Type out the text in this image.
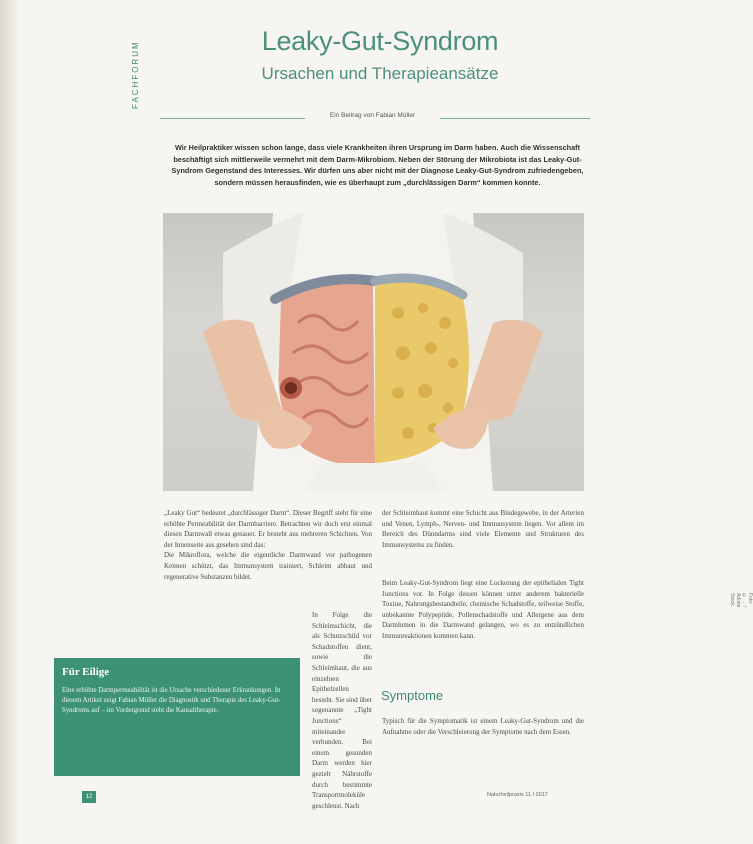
FACHFORUM	Leaky-Gut-Syndrom
Ursachen und Therapieansätze
Ein Beitrag von Fabian Müller
Wir Heilpraktiker wissen schon lange, dass viele Krankheiten ihren Ursprung im Darm haben. Auch die Wissenschaft beschäftigt sich mittlerweile vermehrt mit dem Darm-Mikrobiom. Neben der Störung der Mikrobiota ist das Leaky-Gut-Syndrom Gegenstand des Interesses. Wir dürfen uns aber nicht mit der Diagnose Leaky-Gut-Syndrom zufriedengeben, sondern müssen herausfinden, wie es überhaupt zum „durchlässigen Darm“ kommen konnte.
Foto: © ... / Adobe Stock

„Leaky Gut“ bedeutet „durchlässiger Darm“. Dieser Begriff steht für eine erhöhte Permeabilität der Darmbarriere. Betrachten wir doch erst einmal diesen Darmwall etwas genauer. Er besteht aus mehreren Schichten. Von der Innenseite aus gesehen sind das:

Die Mikroflora, welche die eigentliche Darmwand vor pathogenen Keimen schützt, das Immunsystem trainiert, Schleim abbaut und regenerative Substanzen bildet.

In Folge die Schleimschicht, die als Schutzschild vor Schadstoffen dient, sowie die Schleimhaut, die aus einzelnen Epithelzellen besteht. Sie sind über sogenannte „Tight Junctions“ miteinander verbunden. Bei einem gesunden Darm werden hier gezielt Nährstoffe durch bestimmte Transportmoleküle geschleust. Nach

der Schleimhaut kommt eine Schicht aus Bindegewebe, in der Arterien und Venen, Lymph-, Nerven- und Immunsystem liegen. Vor allem im Bereich des Dünndarms sind viele Elemente und Strukturen des Immunsystems zu finden.

Beim Leaky-Gut-Syndrom liegt eine Lockerung der epithelialen Tight Junctions vor. In Folge dessen können unter anderem bakterielle Toxine, Nahrungsbestandteile, chemische Schadstoffe, teilweise Stoffe, unbekannte Polypeptide, Pollenschadstoffe und Allergene aus dem Darmlumen in die Darmwand gelangen, wo es zu entzündlichen Immunreaktionen kommen kann.

Symptome

Typisch für die Symptomatik ist einem Leaky-Gut-Syndrom und die Aufnahme oder die Verschleierung der Symptome nach dem Essen.

Für Eilige
Eine erhöhte Darmpermeabilität ist die Ursache verschiedener Erkrankungen. In diesem Artikel zeigt Fabian Müller die Diagnostik und Therapie des Leaky-Gut-Syndroms auf – im Vordergrund steht die Kausaltherapie.
12	Naturheilpraxis 11 / 2017
